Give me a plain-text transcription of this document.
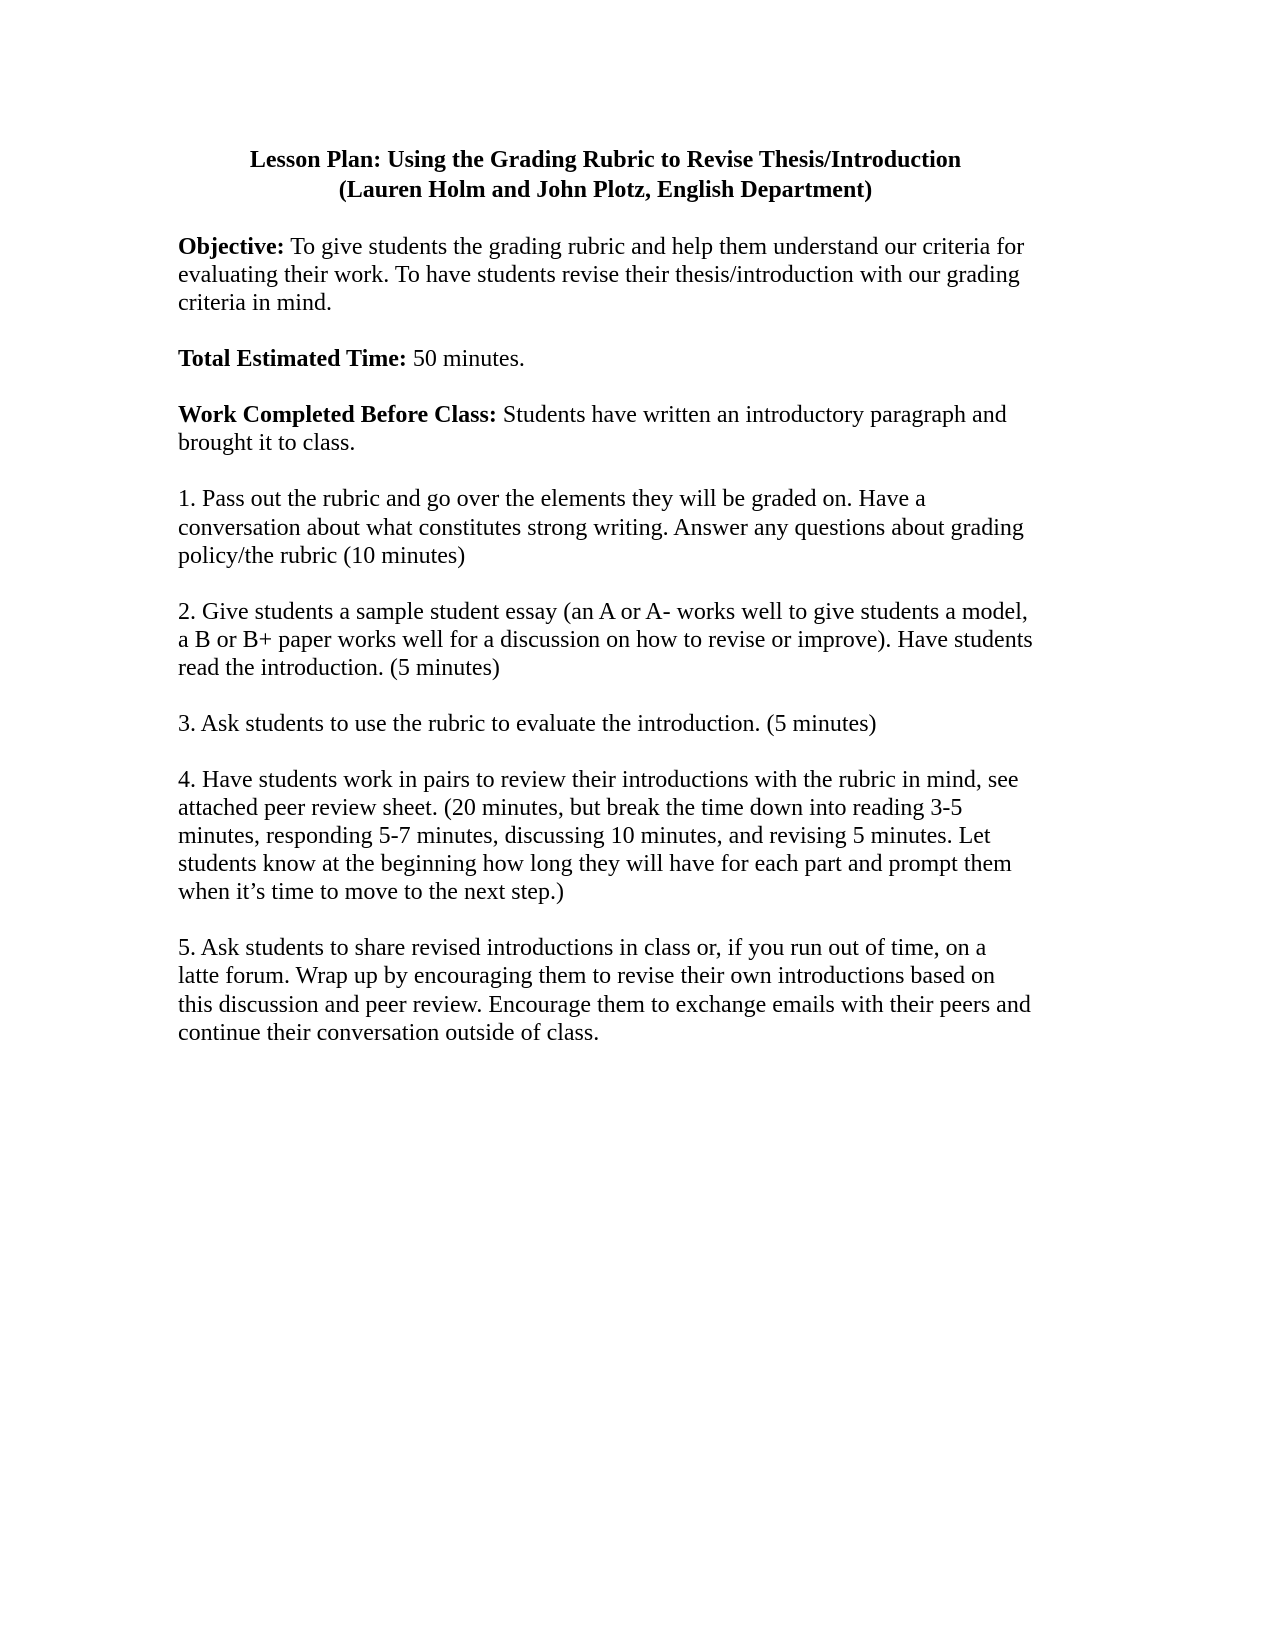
Lesson Plan: Using the Grading Rubric to Revise Thesis/Introduction
(Lauren Holm and John Plotz, English Department)

Objective: To give students the grading rubric and help them understand our criteria for evaluating their work. To have students revise their thesis/introduction with our grading criteria in mind.

Total Estimated Time: 50 minutes.

Work Completed Before Class: Students have written an introductory paragraph and brought it to class.

1. Pass out the rubric and go over the elements they will be graded on. Have a conversation about what constitutes strong writing. Answer any questions about grading policy/the rubric (10 minutes)

2. Give students a sample student essay (an A or A- works well to give students a model, a B or B+ paper works well for a discussion on how to revise or improve). Have students read the introduction. (5 minutes)

3. Ask students to use the rubric to evaluate the introduction. (5 minutes)

4. Have students work in pairs to review their introductions with the rubric in mind, see attached peer review sheet. (20 minutes, but break the time down into reading 3-5 minutes, responding 5-7 minutes, discussing 10 minutes, and revising 5 minutes. Let students know at the beginning how long they will have for each part and prompt them when it’s time to move to the next step.)

5. Ask students to share revised introductions in class or, if you run out of time, on a latte forum. Wrap up by encouraging them to revise their own introductions based on this discussion and peer review. Encourage them to exchange emails with their peers and continue their conversation outside of class.
